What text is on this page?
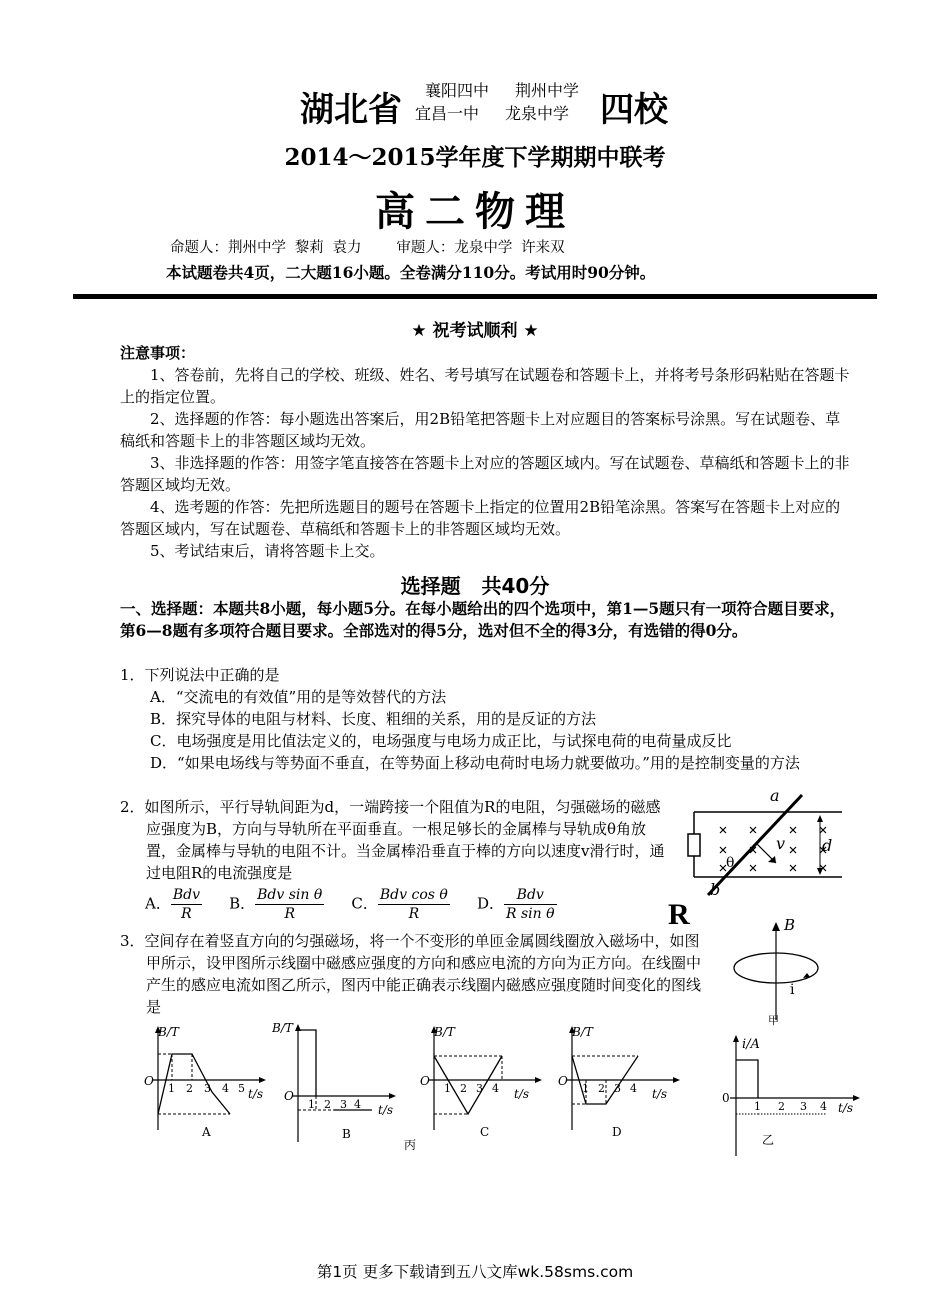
湖北省 襄阳四中 荆州中学
宜昌一中 龙泉中学 四校
2014～2015学年度下学期期中联考
高二物理
命题人：荆州中学 黎莉 袁力    审题人：龙泉中学 许来双
本试题卷共4页，二大题16小题。全卷满分110分。考试用时90分钟。
★ 祝考试顺利 ★
注意事项：
1、答卷前，先将自己的学校、班级、姓名、考号填写在试题卷和答题卡上，并将考号条形码粘贴在答题卡上的指定位置。
2、选择题的作答：每小题选出答案后，用2B铅笔把答题卡上对应题目的答案标号涂黑。写在试题卷、草稿纸和答题卡上的非答题区域均无效。
3、非选择题的作答：用签字笔直接答在答题卡上对应的答题区域内。写在试题卷、草稿纸和答题卡上的非答题区域均无效。
4、选考题的作答：先把所选题目的题号在答题卡上指定的位置用2B铅笔涂黑。答案写在答题卡上对应的答题区域内，写在试题卷、草稿纸和答题卡上的非答题区域均无效。
5、考试结束后，请将答题卡上交。
选择题   共40分
一、选择题：本题共8小题，每小题5分。在每小题给出的四个选项中，第1—5题只有一项符合题目要求，第6—8题有多项符合题目要求。全部选对的得5分，选对但不全的得3分，有选错的得0分。
1．下列说法中正确的是
A．“交流电的有效值”用的是等效替代的方法
B．探究导体的电阻与材料、长度、粗细的关系，用的是反证的方法
C．电场强度是用比值法定义的，电场强度与电场力成正比，与试探电荷的电荷量成反比
D．“如果电场线与等势面不垂直，在等势面上移动电荷时电场力就要做功。”用的是控制变量的方法
2．如图所示，平行导轨间距为d，一端跨接一个阻值为R的电阻，匀强磁场的磁感应强度为B，方向与导轨所在平面垂直。一根足够长的金属棒与导轨成θ角放置，金属棒与导轨的电阻不计。当金属棒沿垂直于棒的方向以速度v滑行时，通过电阻R的电流强度是
A． $\frac{\text{Bdv}}{R}$ B． $\frac{\text{Bdv sin θ}}{R}$ C． $\frac{\text{Bdv cos θ}}{R}$ D． $\frac{\text{Bdv}}{\text{R sin θ}}$
a
b
v d
θ
R
3．空间存在着竖直方向的匀强磁场，将一个不变形的单匝金属圆线圈放入磁场中，如图甲所示，设甲图所示线圈中磁感应强度的方向和感应电流的方向为正方向。在线圈中产生的感应电流如图乙所示，图丙中能正确表示线圈内磁感应强度随时间变化的图线是
B
i
甲
B/T
O
1 2 3 4 5 t/s
A
B/T
O
1 2 3 4 t/s
B
丙
B/T
O
1 2 3 4 t/s
C
B/T
O
1 2 3 4 t/s
D
i/A
0
1 2 3 4 t/s
乙
第1页 更多下载请到五八文库wk.58sms.com
